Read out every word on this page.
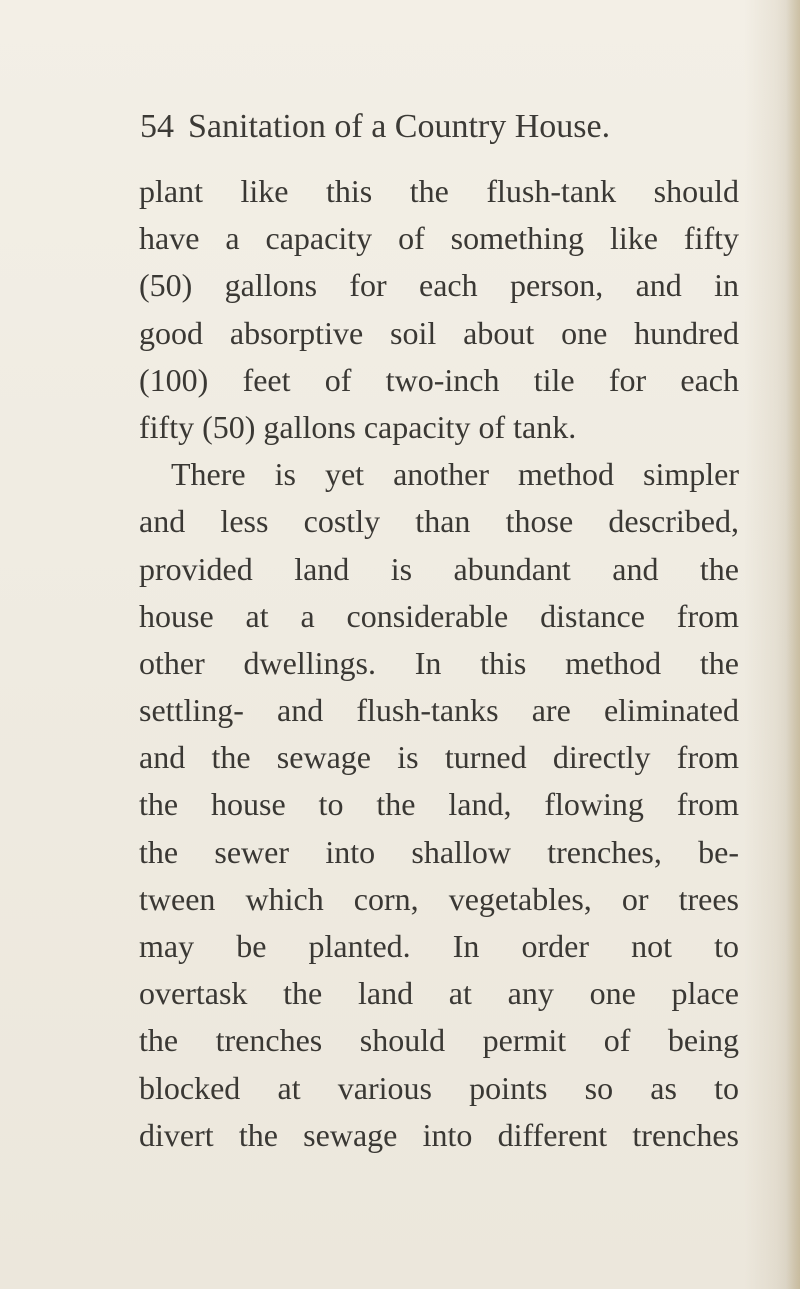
54 Sanitation of a Country House.
plant like this the flush-tank should
have a capacity of something like fifty
(50) gallons for each person, and in
good absorptive soil about one hundred
(100) feet of two-inch tile for each
fifty (50) gallons capacity of tank.
There is yet another method simpler
and less costly than those described,
provided land is abundant and the
house at a considerable distance from
other dwellings. In this method the
settling- and flush-tanks are eliminated
and the sewage is turned directly from
the house to the land, flowing from
the sewer into shallow trenches, be-
tween which corn, vegetables, or trees
may be planted. In order not to
overtask the land at any one place
the trenches should permit of being
blocked at various points so as to
divert the sewage into different trenches
